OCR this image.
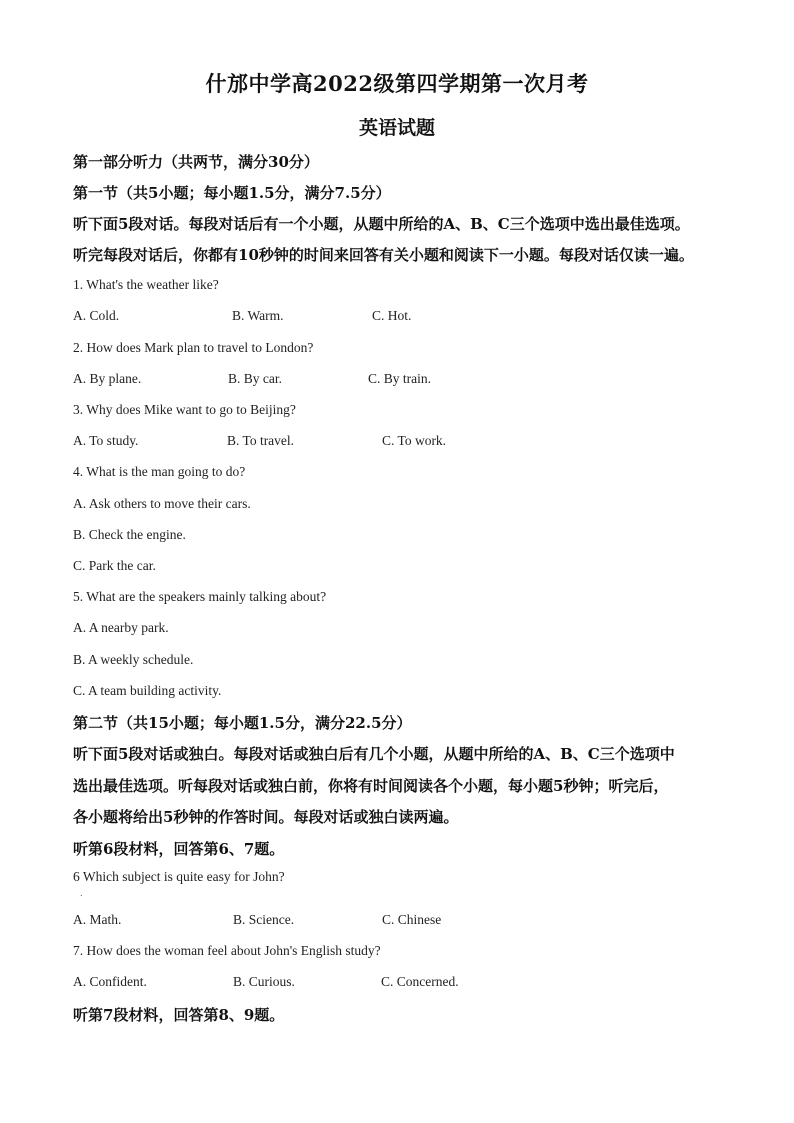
什邡中学高2022级第四学期第一次月考
英语试题
第一部分听力（共两节，满分30分）
第一节（共5小题；每小题1.5分，满分7.5分）
听下面5段对话。每段对话后有一个小题，从题中所给的A、B、C三个选项中选出最佳选项。
听完每段对话后，你都有10秒钟的时间来回答有关小题和阅读下一小题。每段对话仅读一遍。
1. What's the weather like?
A. Cold.	B. Warm.	C. Hot.
2. How does Mark plan to travel to London?
A. By plane.	B. By car.	C. By train.
3. Why does Mike want to go to Beijing?
A. To study.	B. To travel.	C. To work.
4. What is the man going to do?
A. Ask others to move their cars.
B. Check the engine.
C. Park the car.
5. What are the speakers mainly talking about?
A. A nearby park.
B. A weekly schedule.
C. A team building activity.
第二节（共15小题；每小题1.5分，满分22.5分）
听下面5段对话或独白。每段对话或独白后有几个小题，从题中所给的A、B、C三个选项中
选出最佳选项。听每段对话或独白前，你将有时间阅读各个小题，每小题5秒钟；听完后，
各小题将给出5秒钟的作答时间。每段对话或独白读两遍。
听第6段材料，回答第6、7题。
6 Which subject is quite easy for John?
.
A. Math.	B. Science.	C. Chinese
7. How does the woman feel about John's English study?
A. Confident.	B. Curious.	C. Concerned.
听第7段材料，回答第8、9题。
